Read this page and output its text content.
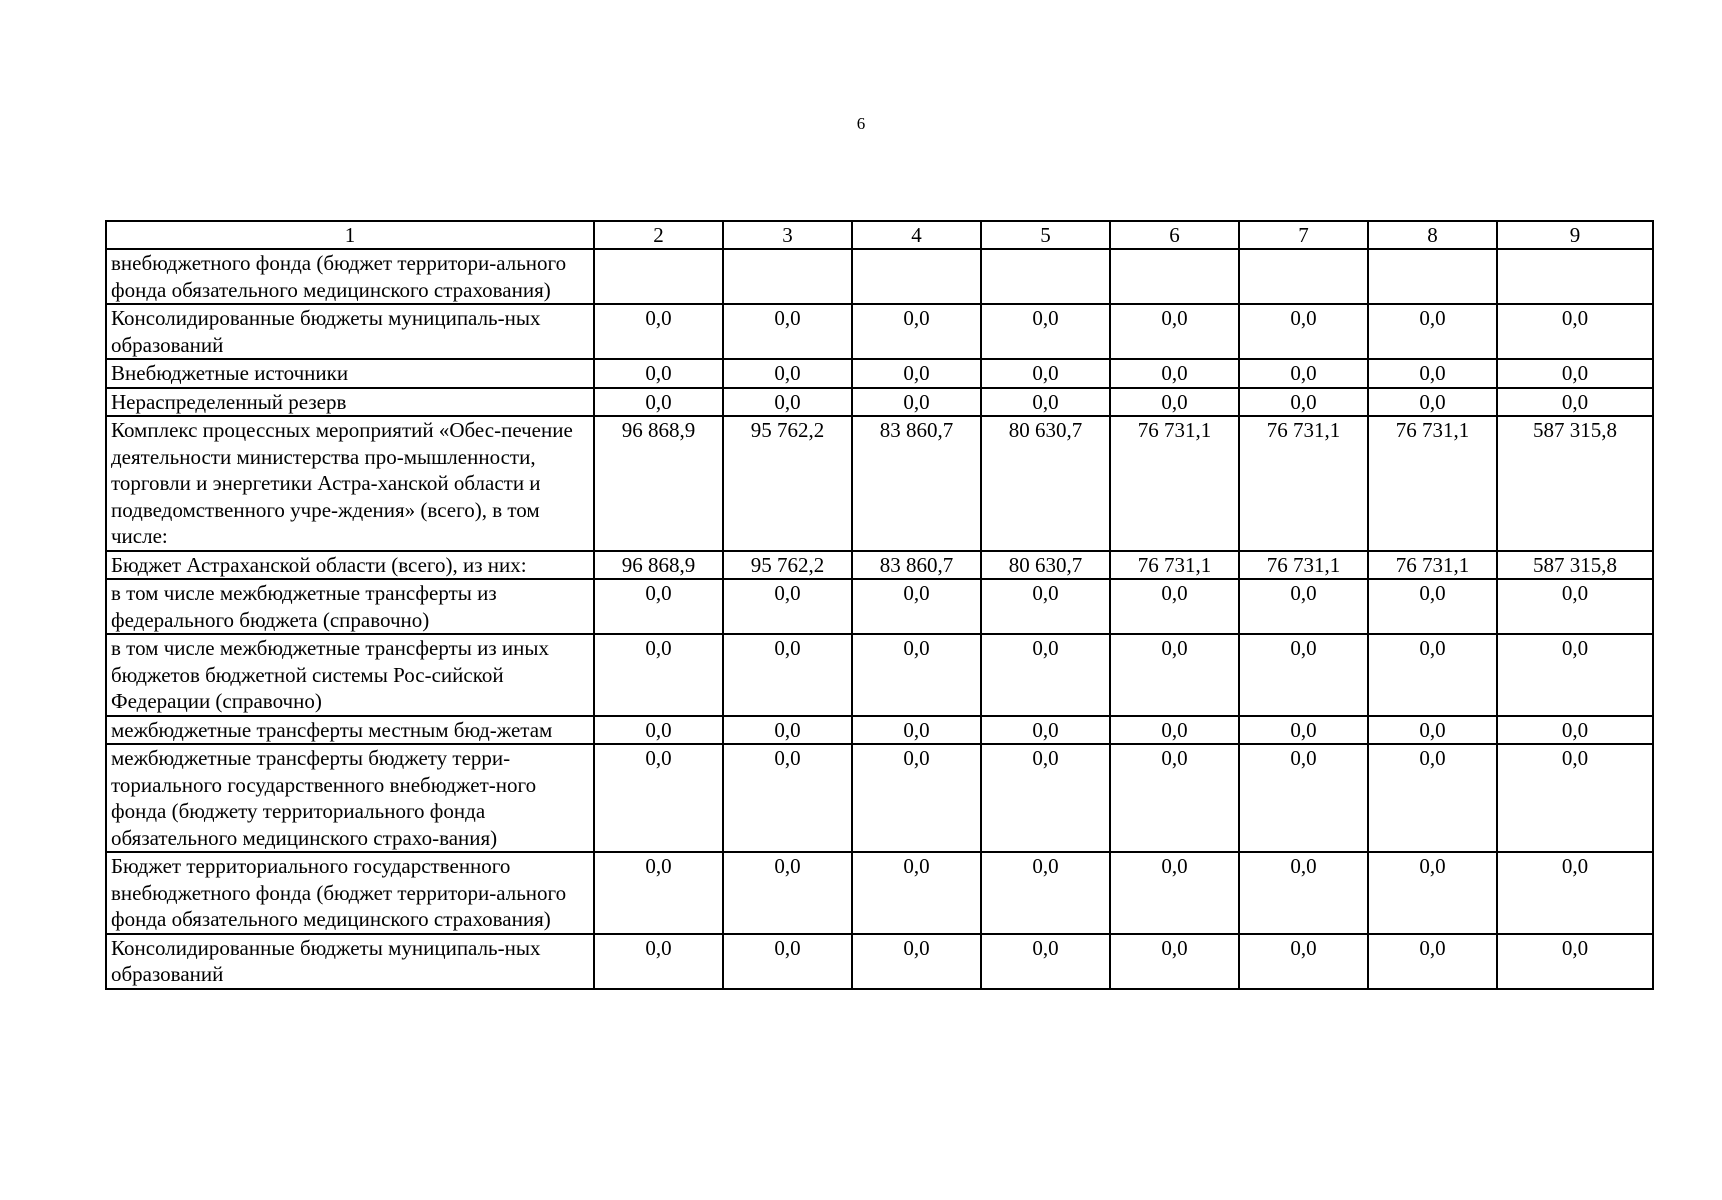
6
1	2	3	4	5	6	7	8	9
внебюджетного фонда (бюджет территори-ального фонда обязательного медицинского страхования)								
Консолидированные бюджеты муниципаль-ных образований	0,0	0,0	0,0	0,0	0,0	0,0	0,0	0,0
Внебюджетные источники	0,0	0,0	0,0	0,0	0,0	0,0	0,0	0,0
Нераспределенный резерв	0,0	0,0	0,0	0,0	0,0	0,0	0,0	0,0
Комплекс процессных мероприятий «Обес-печение деятельности министерства про-мышленности, торговли и энергетики Астра-ханской области и подведомственного учре-ждения» (всего), в том числе:	96 868,9	95 762,2	83 860,7	80 630,7	76 731,1	76 731,1	76 731,1	587 315,8
Бюджет Астраханской области (всего), из них:	96 868,9	95 762,2	83 860,7	80 630,7	76 731,1	76 731,1	76 731,1	587 315,8
в том числе межбюджетные трансферты из федерального бюджета (справочно)	0,0	0,0	0,0	0,0	0,0	0,0	0,0	0,0
в том числе межбюджетные трансферты из иных бюджетов бюджетной системы Рос-сийской Федерации (справочно)	0,0	0,0	0,0	0,0	0,0	0,0	0,0	0,0
межбюджетные трансферты местным бюд-жетам	0,0	0,0	0,0	0,0	0,0	0,0	0,0	0,0
межбюджетные трансферты бюджету терри-ториального государственного внебюджет-ного фонда (бюджету территориального фонда обязательного медицинского страхо-вания)	0,0	0,0	0,0	0,0	0,0	0,0	0,0	0,0
Бюджет территориального государственного внебюджетного фонда (бюджет территори-ального фонда обязательного медицинского страхования)	0,0	0,0	0,0	0,0	0,0	0,0	0,0	0,0
Консолидированные бюджеты муниципаль-ных образований	0,0	0,0	0,0	0,0	0,0	0,0	0,0	0,0
